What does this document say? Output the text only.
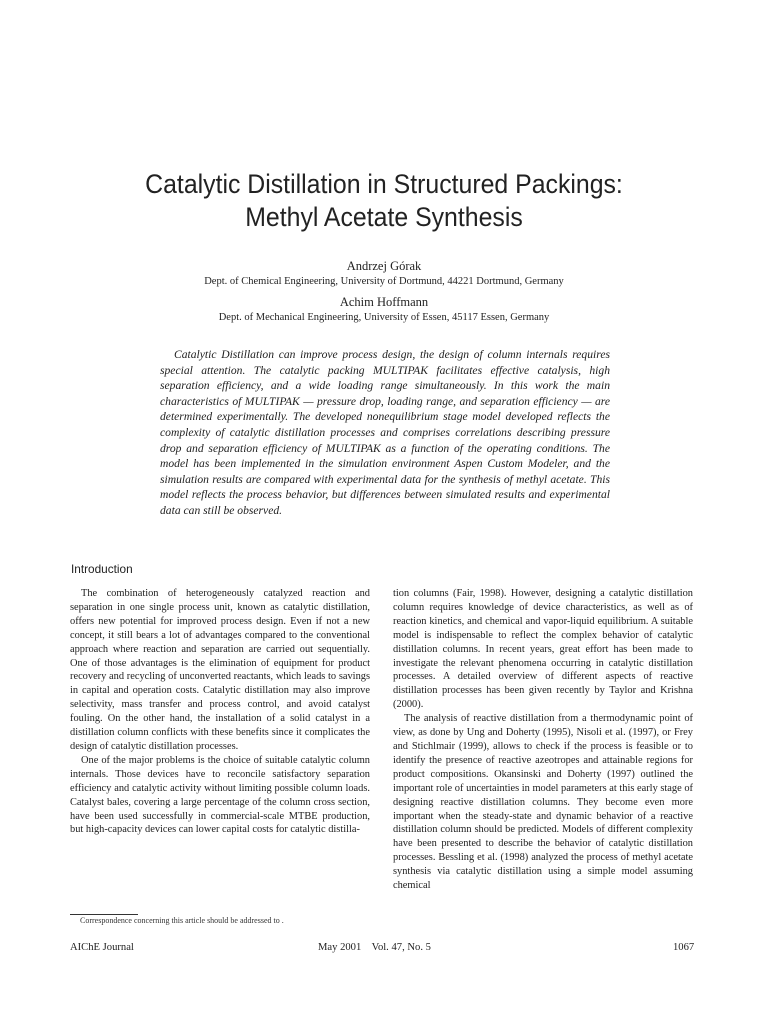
Catalytic Distillation in Structured Packings:
Methyl Acetate Synthesis
Andrzej Górak
Dept. of Chemical Engineering, University of Dortmund, 44221 Dortmund, Germany
Achim Hoffmann
Dept. of Mechanical Engineering, University of Essen, 45117 Essen, Germany

Catalytic Distillation can improve process design, the design of column internals requires special attention. The catalytic packing MULTIPAK facilitates effective catalysis, high separation efficiency, and a wide loading range simultaneously. In this work the main characteristics of MULTIPAK — pressure drop, loading range, and separation efficiency — are determined experimentally. The developed nonequilibrium stage model developed reflects the complexity of catalytic distillation processes and comprises correlations describing pressure drop and separation efficiency of MULTIPAK as a function of the operating conditions. The model has been implemented in the simulation environment Aspen Custom Modeler, and the simulation results are compared with experimental data for the synthesis of methyl acetate. This model reflects the process behavior, but differences between simulated results and experimental data can still be observed.

Introduction

The combination of heterogeneously catalyzed reaction and separation in one single process unit, known as catalytic distillation, offers new potential for improved process design. Even if not a new concept, it still bears a lot of advantages compared to the conventional approach where reaction and separation are carried out sequentially. One of those advantages is the elimination of equipment for product recovery and recycling of unconverted reactants, which leads to savings in capital and operation costs. Catalytic distillation may also improve selectivity, mass transfer and process control, and avoid catalyst fouling. On the other hand, the installation of a solid catalyst in a distillation column conflicts with these benefits since it complicates the design of catalytic distillation processes.

One of the major problems is the choice of suitable catalytic column internals. Those devices have to reconcile satisfactory separation efficiency and catalytic activity without limiting possible column loads. Catalyst bales, covering a large percentage of the column cross section, have been used successfully in commercial-scale MTBE production, but high-capacity devices can lower capital costs for catalytic distilla-

tion columns (Fair, 1998). However, designing a catalytic distillation column requires knowledge of device characteristics, as well as of reaction kinetics, and chemical and vapor-liquid equilibrium. A suitable model is indispensable to reflect the complex behavior of catalytic distillation columns. In recent years, great effort has been made to investigate the relevant phenomena occurring in catalytic distillation processes. A detailed overview of different aspects of reactive distillation processes has been given recently by Taylor and Krishna (2000).

The analysis of reactive distillation from a thermodynamic point of view, as done by Ung and Doherty (1995), Nisoli et al. (1997), or Frey and Stichlmair (1999), allows to check if the process is feasible or to identify the presence of reactive azeotropes and attainable regions for product compositions. Okansinski and Doherty (1997) outlined the important role of uncertainties in model parameters at this early stage of designing reactive distillation columns. They become even more important when the steady-state and dynamic behavior of a reactive distillation column should be predicted. Models of different complexity have been presented to describe the behavior of catalytic distillation processes. Bessling et al. (1998) analyzed the process of methyl acetate synthesis via catalytic distillation using a simple model assuming chemical

Correspondence concerning this article should be addressed to .
AIChE Journal	May 2001    Vol. 47, No. 5	1067
